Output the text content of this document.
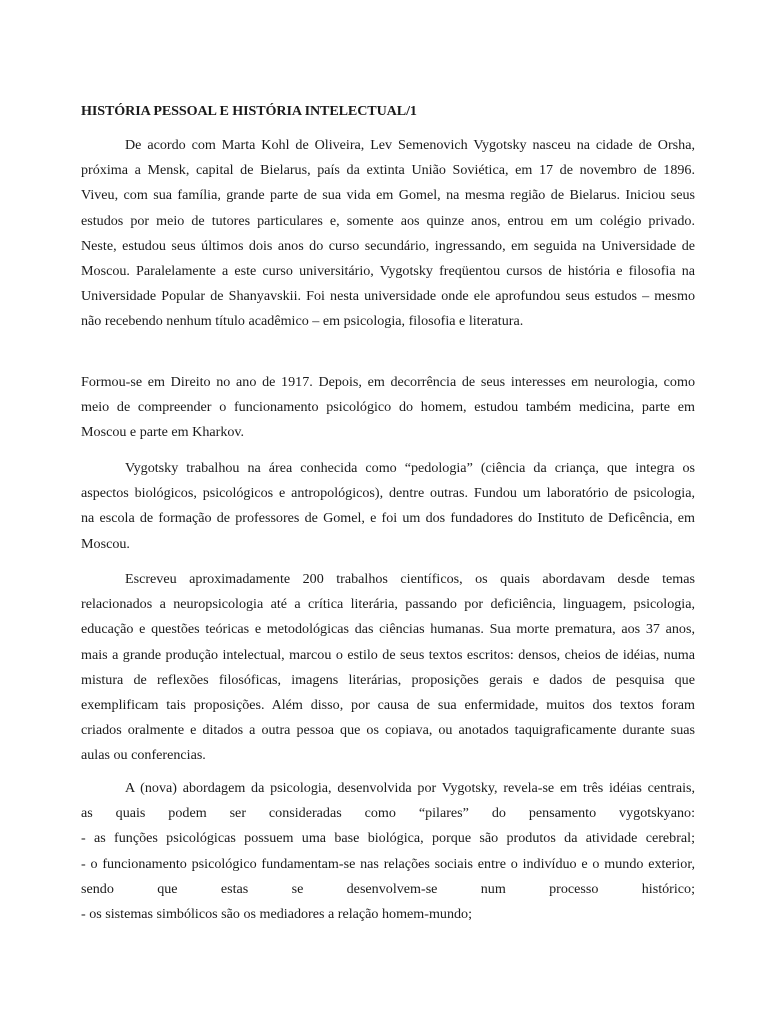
HISTÓRIA PESSOAL E HISTÓRIA INTELECTUAL/1
De acordo com Marta Kohl de Oliveira, Lev Semenovich Vygotsky nasceu na cidade de Orsha,
próxima a Mensk, capital de Bielarus, país da extinta União Soviética, em 17 de novembro de 1896.
Viveu, com sua família, grande parte de sua vida em Gomel, na mesma região de Bielarus. Iniciou seus
estudos por meio de tutores particulares e, somente aos quinze anos, entrou em um colégio privado.
Neste, estudou seus últimos dois anos do curso secundário, ingressando, em seguida na Universidade de
Moscou. Paralelamente a este curso universitário, Vygotsky freqüentou cursos de história e filosofia na
Universidade Popular de Shanyavskii. Foi nesta universidade onde ele aprofundou seus estudos – mesmo
não recebendo nenhum título acadêmico – em psicologia, filosofia e literatura.
Formou-se em Direito no ano de 1917. Depois, em decorrência de seus interesses em neurologia, como
meio de compreender o funcionamento psicológico do homem, estudou também medicina, parte em
Moscou e parte em Kharkov.
Vygotsky trabalhou na área conhecida como “pedologia” (ciência da criança, que integra os
aspectos biológicos, psicológicos e antropológicos), dentre outras. Fundou um laboratório de psicologia,
na escola de formação de professores de Gomel, e foi um dos fundadores do Instituto de Deficência, em
Moscou.
Escreveu aproximadamente 200 trabalhos científicos, os quais abordavam desde temas
relacionados a neuropsicologia até a crítica literária, passando por deficiência, linguagem, psicologia,
educação e questões teóricas e metodológicas das ciências humanas. Sua morte prematura, aos 37 anos,
mais a grande produção intelectual, marcou o estilo de seus textos escritos: densos, cheios de idéias, numa
mistura de reflexões filosóficas, imagens literárias, proposições gerais e dados de pesquisa que
exemplificam tais proposições. Além disso, por causa de sua enfermidade, muitos dos textos foram
criados oralmente e ditados a outra pessoa que os copiava, ou anotados taquigraficamente durante suas
aulas ou conferencias.
A (nova) abordagem da psicologia, desenvolvida por Vygotsky, revela-se em três idéias centrais,
as quais podem ser consideradas como “pilares” do pensamento vygotskyano:
- as funções psicológicas possuem uma base biológica, porque são produtos da atividade cerebral;
- o funcionamento psicológico fundamentam-se nas relações sociais entre o indivíduo e o mundo exterior,
sendo que estas se desenvolvem-se num processo histórico;
- os sistemas simbólicos são os mediadores a relação homem-mundo;
